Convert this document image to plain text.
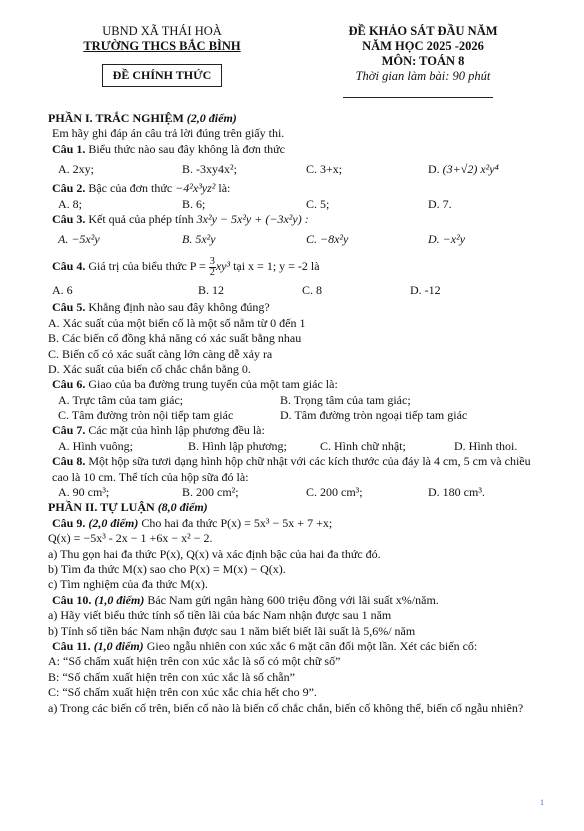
UBND XÃ THÁI HOÀ
TRƯỜNG THCS BẮC BÌNH
ĐỀ CHÍNH THỨC
ĐỀ KHẢO SÁT ĐẦU NĂM
NĂM HỌC 2025 -2026
MÔN: TOÁN 8
Thời gian làm bài: 90 phút
PHẦN I. TRẮC NGHIỆM (2,0 điểm)
Em hãy ghi đáp án câu trả lời đúng trên giấy thi.
Câu 1. Biểu thức nào sau đây không là đơn thức
A. 2xy;	B. -3xy4x²;	C. 3+x;	D. (3+√2) x²y⁴
Câu 2. Bậc của đơn thức −4²x³yz² là:
A. 8;	B. 6;	C. 5;	D. 7.
Câu 3. Kết quả của phép tính 3x²y − 5x²y + (−3x²y) :
A. −5x²y	B. 5x²y	C. −8x²y	D. −x²y
Câu 4. Giá trị của biểu thức $P = \frac{3}{2} xy^3$ tại x = 1; y = -2 là
A. 6	B. 12	C. 8	D. -12
Câu 5. Khẳng định nào sau đây không đúng?
A. Xác suất của một biến cố là một số nằm từ 0 đến 1
B. Các biến cố đồng khả năng có xác suất bằng nhau
C. Biến cố có xác suất càng lớn càng dễ xảy ra
D. Xác suất của biến cố chắc chắn bằng 0.
Câu 6. Giao của ba đường trung tuyến của một tam giác là:
A. Trực tâm của tam giác;	B. Trọng tâm của tam giác;
C. Tâm đường tròn nội tiếp tam giác	D. Tâm đường tròn ngoại tiếp tam giác
Câu 7. Các mặt của hình lập phương đều là:
A. Hình vuông;	B. Hình lập phương;	C. Hình chữ nhật;	D. Hình thoi.
Câu 8. Một hộp sữa tươi dạng hình hộp chữ nhật với các kích thước của đáy là 4 cm, 5 cm và chiều cao là 10 cm. Thể tích của hộp sữa đó là:
A. 90 cm³;	B. 200 cm²;	C. 200 cm³;	D. 180 cm³.
PHẦN II. TỰ LUẬN (8,0 điểm)
Câu 9. (2,0 điểm) Cho hai đa thức P(x) = 5x³ − 5x + 7 +x;
Q(x) = −5x³ - 2x − 1 +6x − x² − 2.
a) Thu gọn hai đa thức P(x), Q(x) và xác định bậc của hai đa thức đó.
b) Tìm đa thức M(x) sao cho P(x) = M(x) − Q(x).
c) Tìm nghiệm của đa thức M(x).
Câu 10. (1,0 điểm) Bác Nam gửi ngân hàng 600 triệu đồng với lãi suất x%/năm.
a) Hãy viết biểu thức tính số tiền lãi của bác Nam nhận được sau 1 năm
b) Tính số tiền bác Nam nhận được sau 1 năm biết biết lãi suất là 5,6%/ năm
Câu 11. (1,0 điểm) Gieo ngẫu nhiên con xúc xắc 6 mặt cân đối một lần. Xét các biến cố:
A: “Số chấm xuất hiện trên con xúc xắc là số có một chữ số”
B: “Số chấm xuất hiện trên con xúc xắc là số chẵn”
C: “Số chấm xuất hiện trên con xúc xắc chia hết cho 9”.
a) Trong các biến cố trên, biến cố nào là biến cố chắc chắn, biến cố không thể, biến cố ngẫu nhiên?
1
